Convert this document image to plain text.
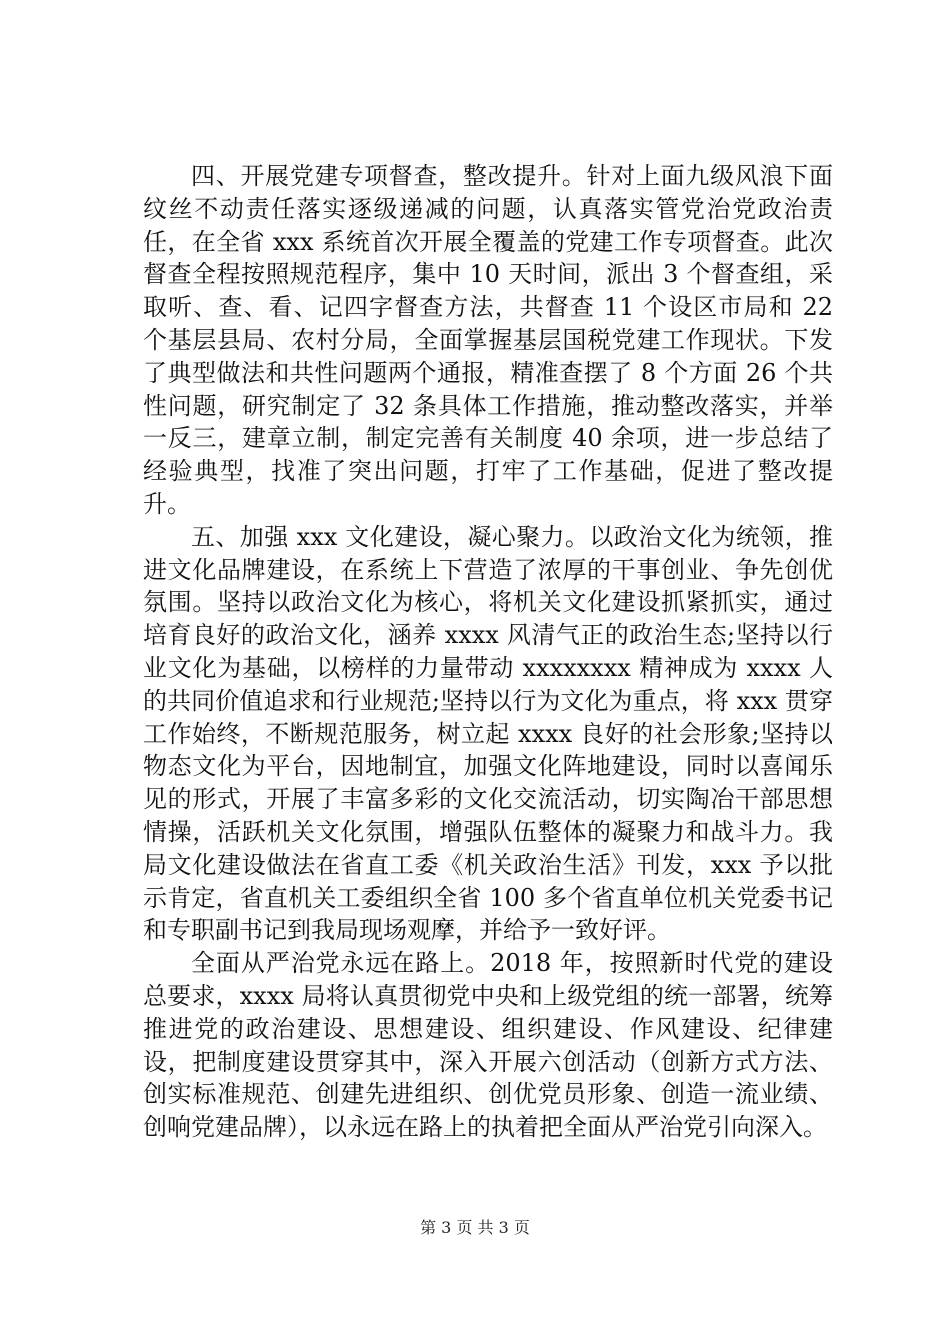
四、开展党建专项督查，整改提升。针对上面九级风浪下面纹丝不动责任落实逐级递减的问题，认真落实管党治党政治责任，在全省 xxx 系统首次开展全覆盖的党建工作专项督查。此次督查全程按照规范程序，集中 10 天时间，派出 3 个督查组，采取听、查、看、记四字督查方法，共督查 11 个设区市局和 22 个基层县局、农村分局，全面掌握基层国税党建工作现状。下发了典型做法和共性问题两个通报，精准查摆了 8 个方面 26 个共性问题，研究制定了 32 条具体工作措施，推动整改落实，并举一反三，建章立制，制定完善有关制度 40 余项，进一步总结了经验典型，找准了突出问题，打牢了工作基础，促进了整改提升。

五、加强 xxx 文化建设，凝心聚力。以政治文化为统领，推进文化品牌建设，在系统上下营造了浓厚的干事创业、争先创优氛围。坚持以政治文化为核心，将机关文化建设抓紧抓实，通过培育良好的政治文化，涵养 xxxx 风清气正的政治生态;坚持以行业文化为基础，以榜样的力量带动 xxxxxxxx 精神成为 xxxx 人的共同价值追求和行业规范;坚持以行为文化为重点，将 xxx 贯穿工作始终，不断规范服务，树立起 xxxx 良好的社会形象;坚持以物态文化为平台，因地制宜，加强文化阵地建设，同时以喜闻乐见的形式，开展了丰富多彩的文化交流活动，切实陶冶干部思想情操，活跃机关文化氛围，增强队伍整体的凝聚力和战斗力。我局文化建设做法在省直工委《机关政治生活》刊发，xxx 予以批示肯定，省直机关工委组织全省 100 多个省直单位机关党委书记和专职副书记到我局现场观摩，并给予一致好评。

全面从严治党永远在路上。2018 年，按照新时代党的建设总要求，xxxx 局将认真贯彻党中央和上级党组的统一部署，统筹推进党的政治建设、思想建设、组织建设、作风建设、纪律建设，把制度建设贯穿其中，深入开展六创活动（创新方式方法、创实标准规范、创建先进组织、创优党员形象、创造一流业绩、创响党建品牌），以永远在路上的执着把全面从严治党引向深入。

第 3 页 共 3 页
